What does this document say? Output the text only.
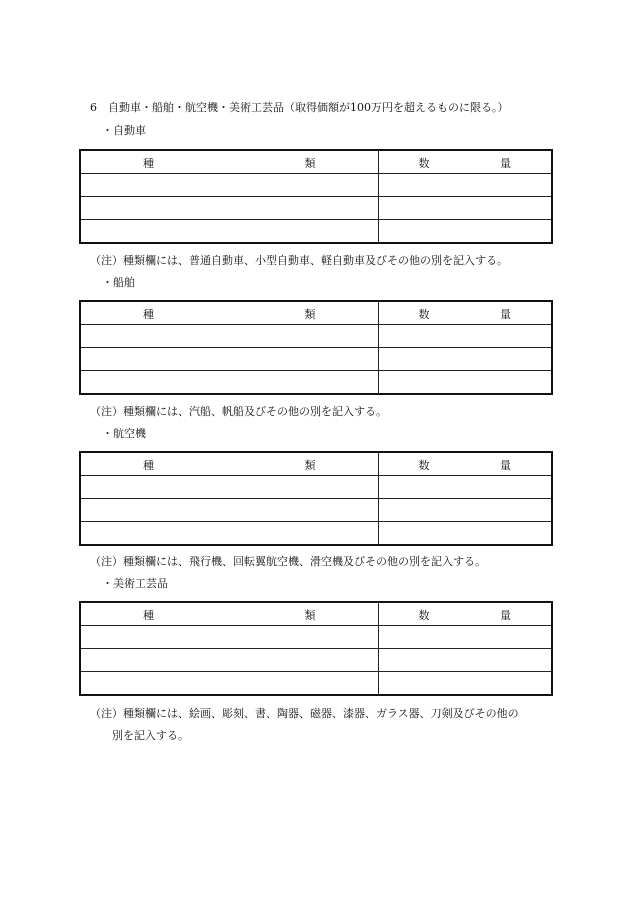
6　自動車・船舶・航空機・美術工芸品（取得価額が100万円を超えるものに限る。）
・自動車
種 類	数 量

（注）種類欄には、普通自動車、小型自動車、軽自動車及びその他の別を記入する。
・船舶
種 類	数 量

（注）種類欄には、汽船、帆船及びその他の別を記入する。
・航空機
種 類	数 量

（注）種類欄には、飛行機、回転翼航空機、滑空機及びその他の別を記入する。
・美術工芸品
種 類	数 量

（注）種類欄には、絵画、彫刻、書、陶器、磁器、漆器、ガラス器、刀剣及びその他の
別を記入する。
